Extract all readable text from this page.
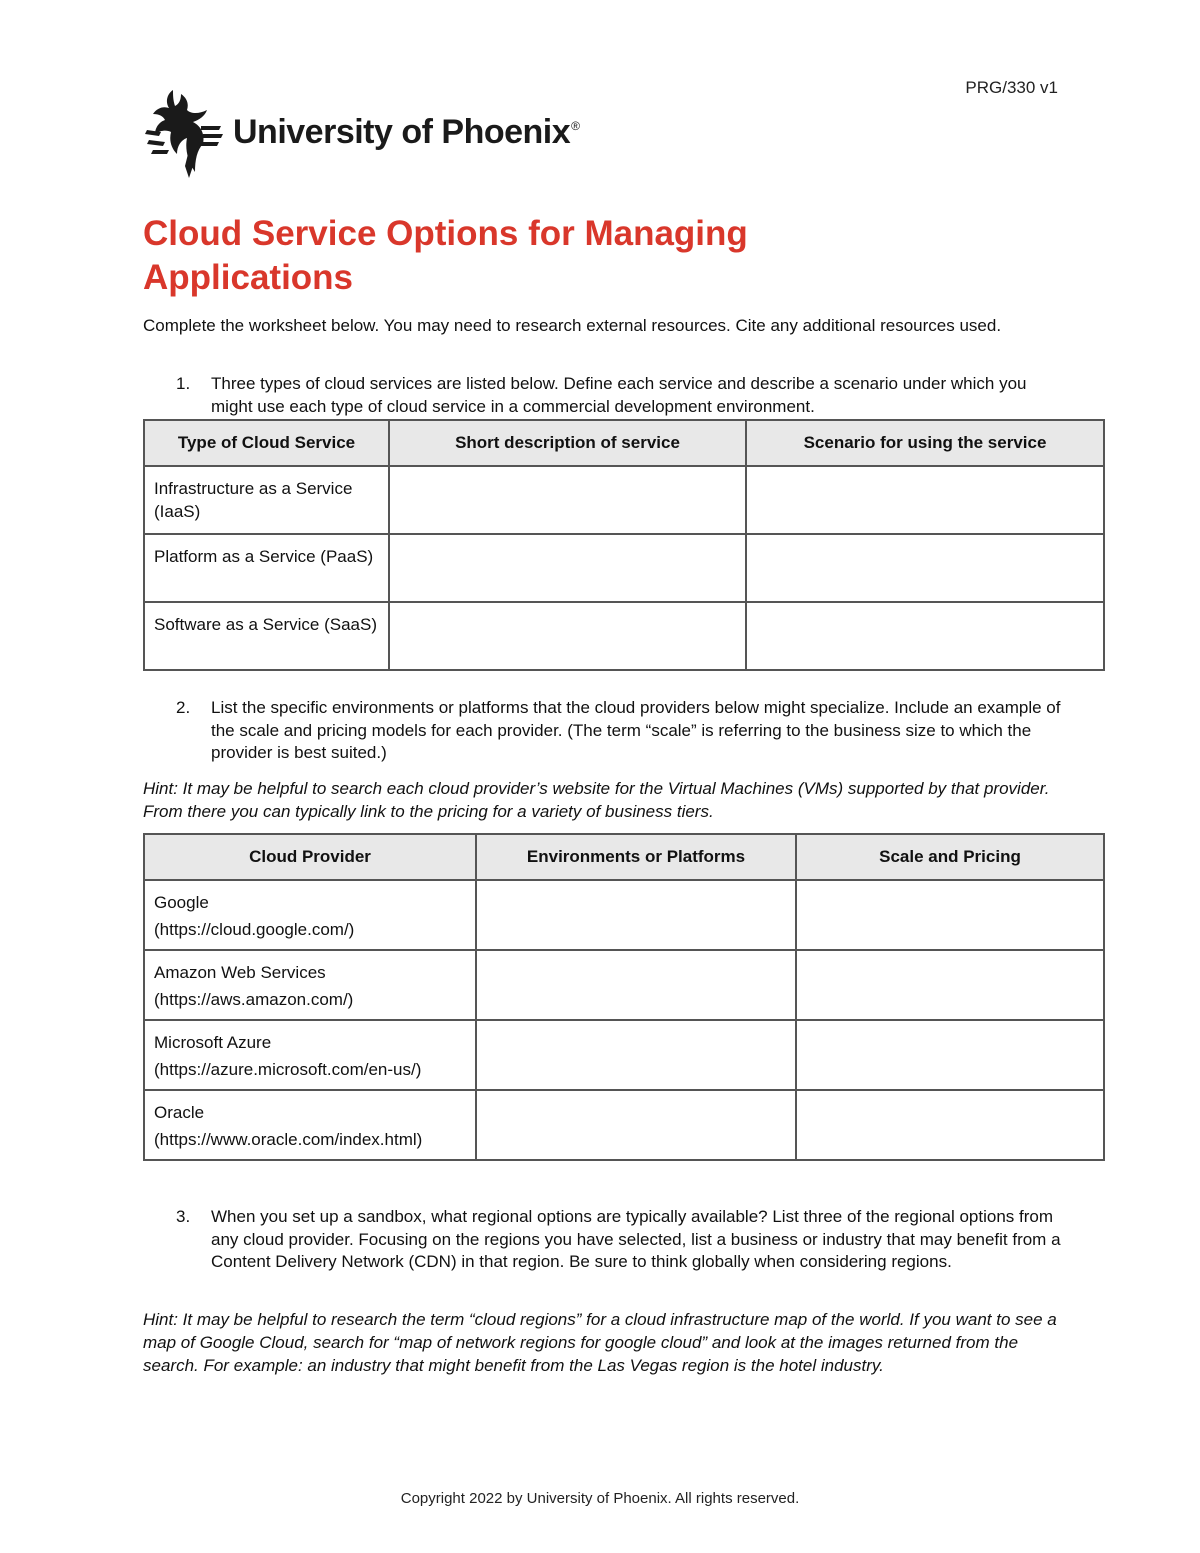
PRG/330 v1
University of Phoenix®
Cloud Service Options for Managing Applications

Complete the worksheet below. You may need to research external resources. Cite any additional resources used.

1.	Three types of cloud services are listed below. Define each service and describe a scenario under which you might use each type of cloud service in a commercial development environment.
Type of Cloud Service	Short description of service	Scenario for using the service
Infrastructure as a Service (IaaS)		
Platform as a Service (PaaS)		
Software as a Service (SaaS)		
2.	List the specific environments or platforms that the cloud providers below might specialize. Include an example of the scale and pricing models for each provider. (The term “scale” is referring to the business size to which the provider is best suited.)

Hint: It may be helpful to search each cloud provider’s website for the Virtual Machines (VMs) supported by that provider. From there you can typically link to the pricing for a variety of business tiers.

Cloud Provider	Environments or Platforms	Scale and Pricing

Google
(https://cloud.google.com/)		

Amazon Web Services
(https://aws.amazon.com/)		

Microsoft Azure
(https://azure.microsoft.com/en-us/)		

Oracle
(https://www.oracle.com/index.html)		

3.	When you set up a sandbox, what regional options are typically available? List three of the regional options from any cloud provider. Focusing on the regions you have selected, list a business or industry that may benefit from a Content Delivery Network (CDN) in that region. Be sure to think globally when considering regions.

Hint: It may be helpful to research the term “cloud regions” for a cloud infrastructure map of the world. If you want to see a map of Google Cloud, search for “map of network regions for google cloud” and look at the images returned from the search. For example: an industry that might benefit from the Las Vegas region is the hotel industry.

Copyright 2022 by University of Phoenix. All rights reserved.
